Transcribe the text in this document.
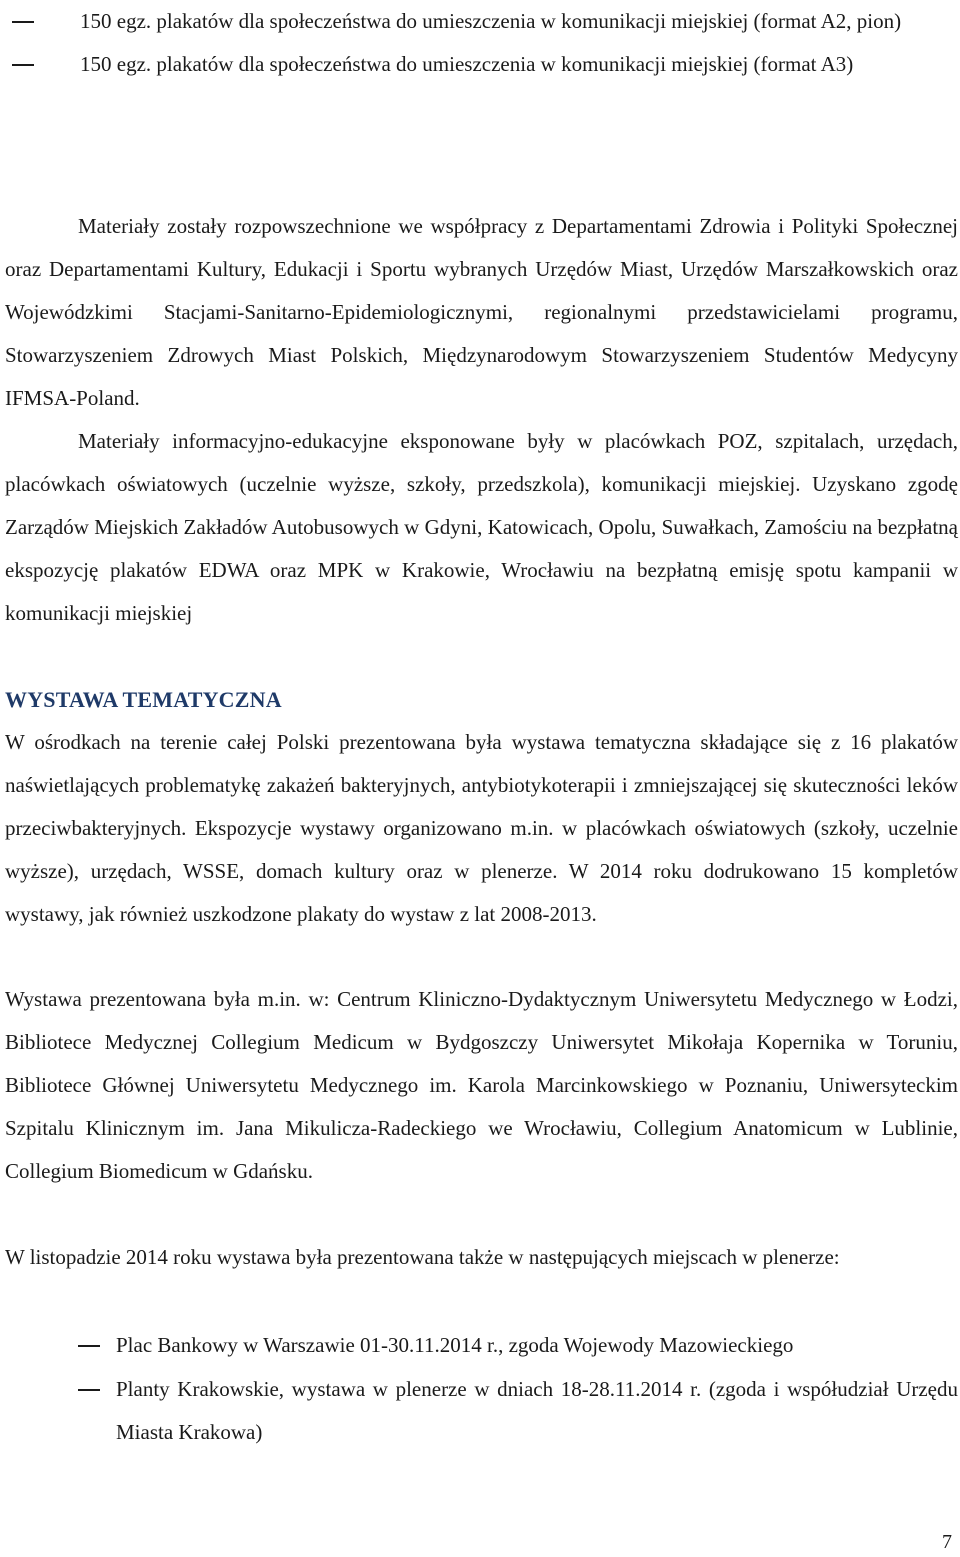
150 egz. plakatów dla społeczeństwa do umieszczenia w komunikacji miejskiej (format A2, pion)
150 egz. plakatów dla społeczeństwa do umieszczenia w komunikacji miejskiej (format A3)

Materiały zostały rozpowszechnione we współpracy z Departamentami Zdrowia i Polityki Społecznej oraz Departamentami Kultury, Edukacji i Sportu wybranych Urzędów Miast, Urzędów Marszałkowskich oraz Wojewódzkimi Stacjami-Sanitarno-Epidemiologicznymi, regionalnymi przedstawicielami programu, Stowarzyszeniem Zdrowych Miast Polskich, Międzynarodowym Stowarzyszeniem Studentów Medycyny IFMSA-Poland.

Materiały informacyjno-edukacyjne eksponowane były w placówkach POZ, szpitalach, urzędach, placówkach oświatowych (uczelnie wyższe, szkoły, przedszkola), komunikacji miejskiej. Uzyskano zgodę Zarządów Miejskich Zakładów Autobusowych w Gdyni, Katowicach, Opolu, Suwałkach, Zamościu na bezpłatną ekspozycję plakatów EDWA oraz MPK w Krakowie, Wrocławiu na bezpłatną emisję spotu kampanii w komunikacji miejskiej

WYSTAWA TEMATYCZNA

W ośrodkach na terenie całej Polski prezentowana była wystawa tematyczna składające się z 16 plakatów naświetlających problematykę zakażeń bakteryjnych, antybiotykoterapii i zmniejszającej się skuteczności leków przeciwbakteryjnych. Ekspozycje wystawy organizowano m.in. w placówkach oświatowych (szkoły, uczelnie wyższe), urzędach, WSSE, domach kultury oraz w plenerze. W 2014 roku dodrukowano 15 kompletów wystawy, jak również uszkodzone plakaty do wystaw z lat 2008-2013.

Wystawa prezentowana była m.in. w: Centrum Kliniczno-Dydaktycznym Uniwersytetu Medycznego w Łodzi, Bibliotece Medycznej Collegium Medicum w Bydgoszczy Uniwersytet Mikołaja Kopernika w Toruniu, Bibliotece Głównej Uniwersytetu Medycznego im. Karola Marcinkowskiego w Poznaniu, Uniwersyteckim Szpitalu Klinicznym im. Jana Mikulicza-Radeckiego we Wrocławiu, Collegium Anatomicum w Lublinie, Collegium Biomedicum w Gdańsku.

W listopadzie 2014 roku wystawa była prezentowana także w następujących miejscach w plenerze:

Plac Bankowy w Warszawie 01-30.11.2014 r., zgoda Wojewody Mazowieckiego
Planty Krakowskie, wystawa w plenerze w dniach 18-28.11.2014 r. (zgoda i współudział Urzędu Miasta Krakowa)
7
